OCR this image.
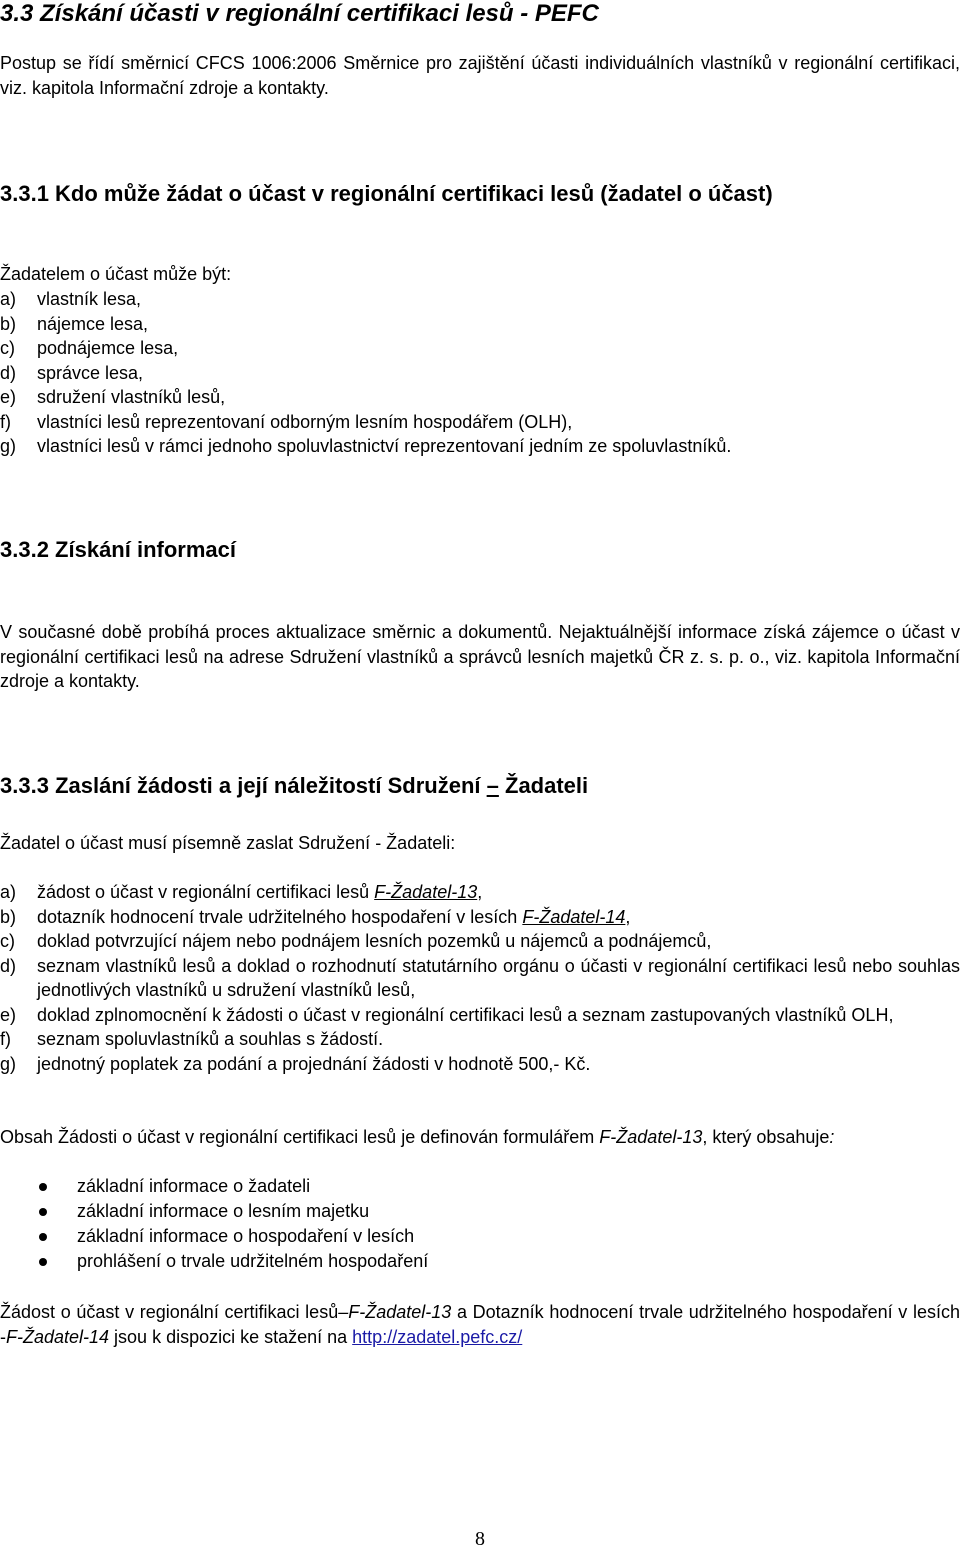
3.3 Získání účasti v regionální certifikaci lesů - PEFC

Postup se řídí směrnicí CFCS 1006:2006 Směrnice pro zajištění účasti individuálních vlastníků v regionální certifikaci, viz. kapitola Informační zdroje a kontakty.

3.3.1 Kdo může žádat o účast v regionální certifikaci lesů (žadatel o účast)

Žadatelem o účast může být:

a) vlastník lesa,
b) nájemce lesa,
c) podnájemce lesa,
d) správce lesa,
e) sdružení vlastníků lesů,
f) vlastníci lesů reprezentovaní odborným lesním hospodářem (OLH),
g) vlastníci lesů v rámci jednoho spoluvlastnictví reprezentovaní jedním ze spoluvlastníků.
3.3.2 Získání informací

V současné době probíhá proces aktualizace směrnic a dokumentů. Nejaktuálnější informace získá zájemce o účast v regionální certifikaci lesů na adrese Sdružení vlastníků a správců lesních majetků ČR z. s. p. o., viz. kapitola Informační zdroje a kontakty.

3.3.3 Zaslání žádosti a její náležitostí Sdružení – Žadateli

Žadatel o účast musí písemně zaslat Sdružení - Žadateli:

a) žádost o účast v regionální certifikaci lesů F-Žadatel-13,
b) dotazník hodnocení trvale udržitelného hospodaření v lesích F-Žadatel-14,
c) doklad potvrzující nájem nebo podnájem lesních pozemků u nájemců a podnájemců,
d) seznam vlastníků lesů a doklad o rozhodnutí statutárního orgánu o účasti v regionální certifikaci lesů nebo souhlas jednotlivých vlastníků u sdružení vlastníků lesů,
e) doklad zplnomocnění k žádosti o účast v regionální certifikaci lesů a seznam zastupovaných vlastníků OLH,
f) seznam spoluvlastníků a souhlas s žádostí.
g) jednotný poplatek za podání a projednání žádosti v hodnotě 500,- Kč.

Obsah Žádosti o účast v regionální certifikaci lesů je definován formulářem F-Žadatel-13, který obsahuje:

základní informace o žadateli
základní informace o lesním majetku
základní informace o hospodaření v lesích
prohlášení o trvale udržitelném hospodaření

Žádost o účast v regionální certifikaci lesů–F-Žadatel-13 a Dotazník hodnocení trvale udržitelného hospodaření v lesích -F-Žadatel-14 jsou k dispozici ke stažení na http://zadatel.pefc.cz/

8
